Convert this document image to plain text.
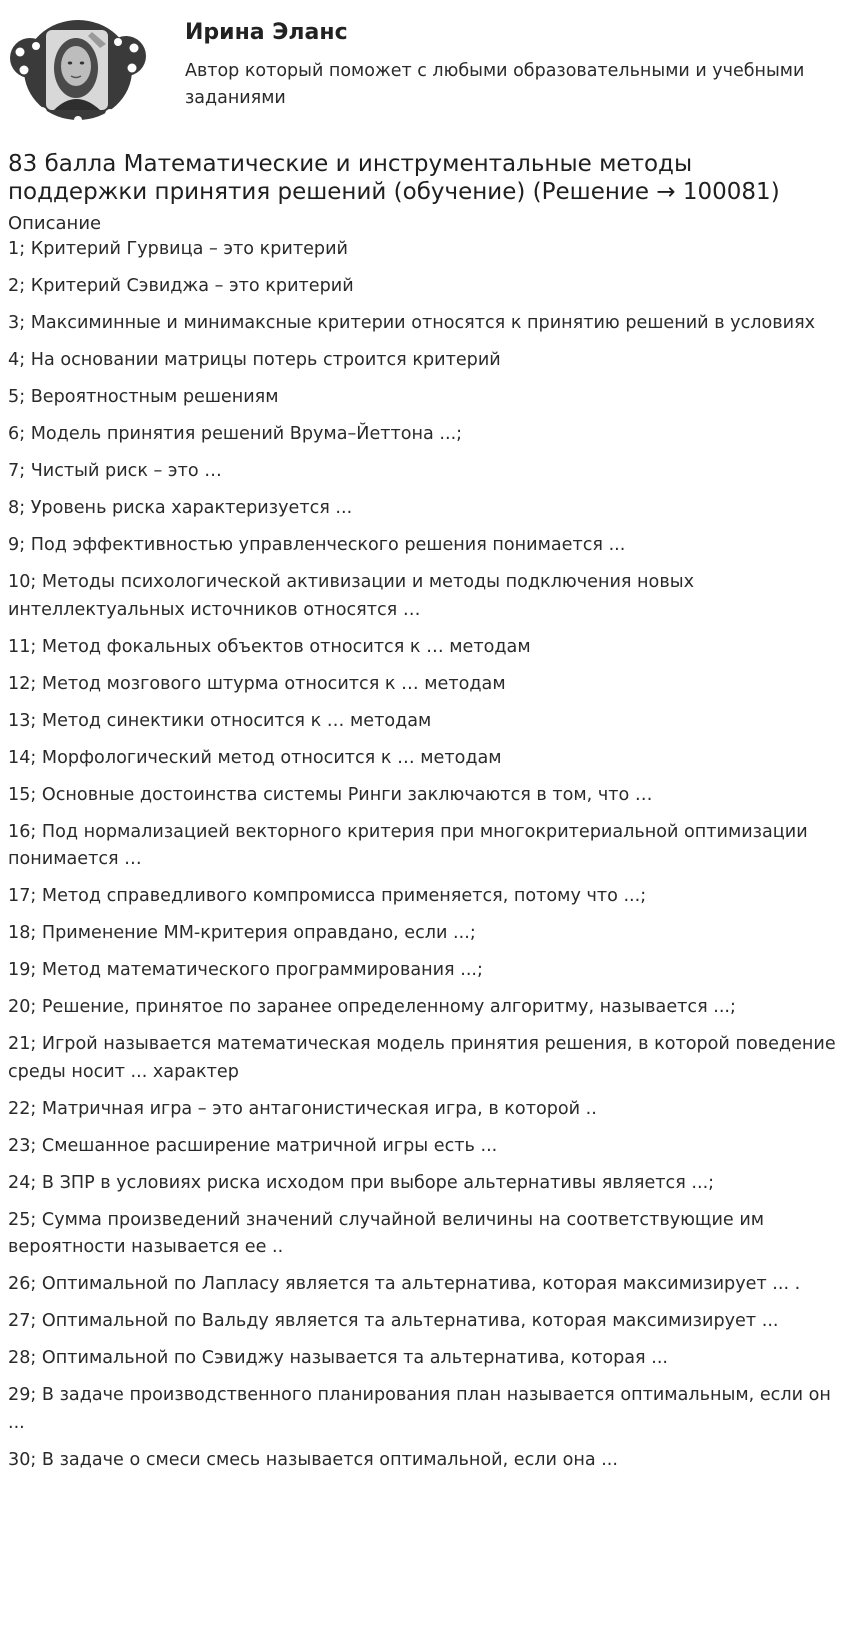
Ирина Эланс
Автор который поможет с любыми образовательными и учебными заданиями
83 балла Математические и инструментальные методы поддержки принятия решений (обучение) (Решение → 100081)
Описание
1; Критерий Гурвица – это критерий
2; Критерий Сэвиджа – это критерий
3; Максиминные и минимаксные критерии относятся к принятию решений в условиях
4; На основании матрицы потерь строится критерий
5; Вероятностным решениям
6; Модель принятия решений Врума–Йеттона ...;
7; Чистый риск – это …
8; Уровень риска характеризуется ...
9; Под эффективностью управленческого решения понимается ...
10; Методы психологической активизации и методы подключения новых интеллектуальных источников относятся …
11; Метод фокальных объектов относится к … методам
12; Метод мозгового штурма относится к … методам
13; Метод синектики относится к … методам
14; Морфологический метод относится к … методам
15; Основные достоинства системы Ринги заключаются в том, что …
16; Под нормализацией векторного критерия при многокритериальной оптимизации понимается …
17; Метод справедливого компромисса применяется, потому что ...;
18; Применение ММ-критерия оправдано, если ...;
19; Метод математического программирования ...;
20; Решение, принятое по заранее определенному алгоритму, называется ...;
21; Игрой называется математическая модель принятия решения, в которой поведение среды носит ... характер
22; Матричная игра – это антагонистическая игра, в которой ..
23; Смешанное расширение матричной игры есть ...
24; В ЗПР в условиях риска исходом при выборе альтернативы является ...;
25; Сумма произведений значений случайной величины на соответствующие им вероятности называется ее ..
26; Оптимальной по Лапласу является та альтернатива, которая максимизирует ... .
27; Оптимальной по Вальду является та альтернатива, которая максимизирует ...
28; Оптимальной по Сэвиджу называется та альтернатива, которая ...
29; В задаче производственного планирования план называется оптимальным, если он ...
30; В задаче о смеси смесь называется оптимальной, если она ...
